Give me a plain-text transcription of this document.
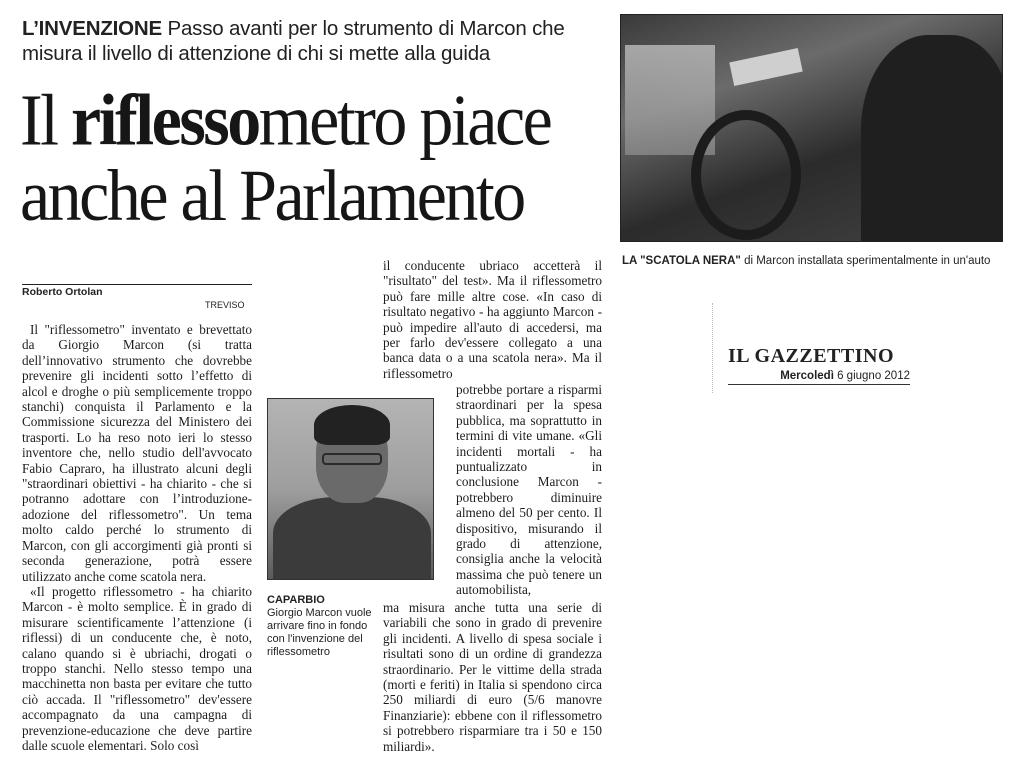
L’INVENZIONE Passo avanti per lo strumento di Marcon che misura il livello di attenzione di chi si mette alla guida
Il riflessometro piace
anche al Parlamento
LA "SCATOLA NERA" di Marcon installata sperimentalmente in un'auto
Roberto Ortolan
TREVISO

Il "riflessometro" inventato e brevettato da Giorgio Marcon (si tratta dell’innovativo strumento che dovrebbe prevenire gli incidenti sotto l’effetto di alcol e droghe o più semplicemente troppo stanchi) conquista il Parlamento e la Commissione sicurezza del Ministero dei trasporti. Lo ha reso noto ieri lo stesso inventore che, nello studio dell'avvocato Fabio Capraro, ha illustrato alcuni degli "straordinari obiettivi - ha chiarito - che si potranno adottare con l’introduzione-adozione del riflessometro". Un tema molto caldo perché lo strumento di Marcon, con gli accorgimenti già pronti si seconda generazione, potrà essere utilizzato anche come scatola nera.

«Il progetto riflessometro - ha chiarito Marcon - è molto semplice. È in grado di misurare scientificamente l’attenzione (i riflessi) di un conducente che, è noto, calano quando si è ubriachi, drogati o troppo stanchi. Nello stesso tempo una macchinetta non basta per evitare che tutto ciò accada. Il "riflessometro" dev'essere accompagnato da una campagna di prevenzione-educazione che deve partire dalle scuole elementari. Solo così

CAPARBIO
Giorgio Marcon vuole arrivare fino in fondo con l'invenzione del riflessometro

il conducente ubriaco accetterà il "risultato" del test». Ma il riflessometro può fare mille altre cose. «In caso di risultato negativo - ha aggiunto Marcon - può impedire all'auto di accedersi, ma per farlo dev'essere collegato a una banca data o a una scatola nera». Ma il riflessometro

potrebbe portare a risparmi straordinari per la spesa pubblica, ma soprattutto in termini di vite umane. «Gli incidenti mortali - ha puntualizzato in conclusione Marcon - potrebbero diminuire almeno del 50 per cento. Il dispositivo, misurando il grado di attenzione, consiglia anche la velocità massima che può tenere un automobilista,

ma misura anche tutta una serie di variabili che sono in grado di prevenire gli incidenti. A livello di spesa sociale i risultati sono di un ordine di grandezza straordinario. Per le vittime della strada (morti e feriti) in Italia si spendono circa 250 miliardi di euro (5/6 manovre Finanziarie): ebbene con il riflessometro si potrebbero risparmiare tra i 50 e 150 miliardi».

IL GAZZETTINO
Mercoledì 6 giugno 2012
